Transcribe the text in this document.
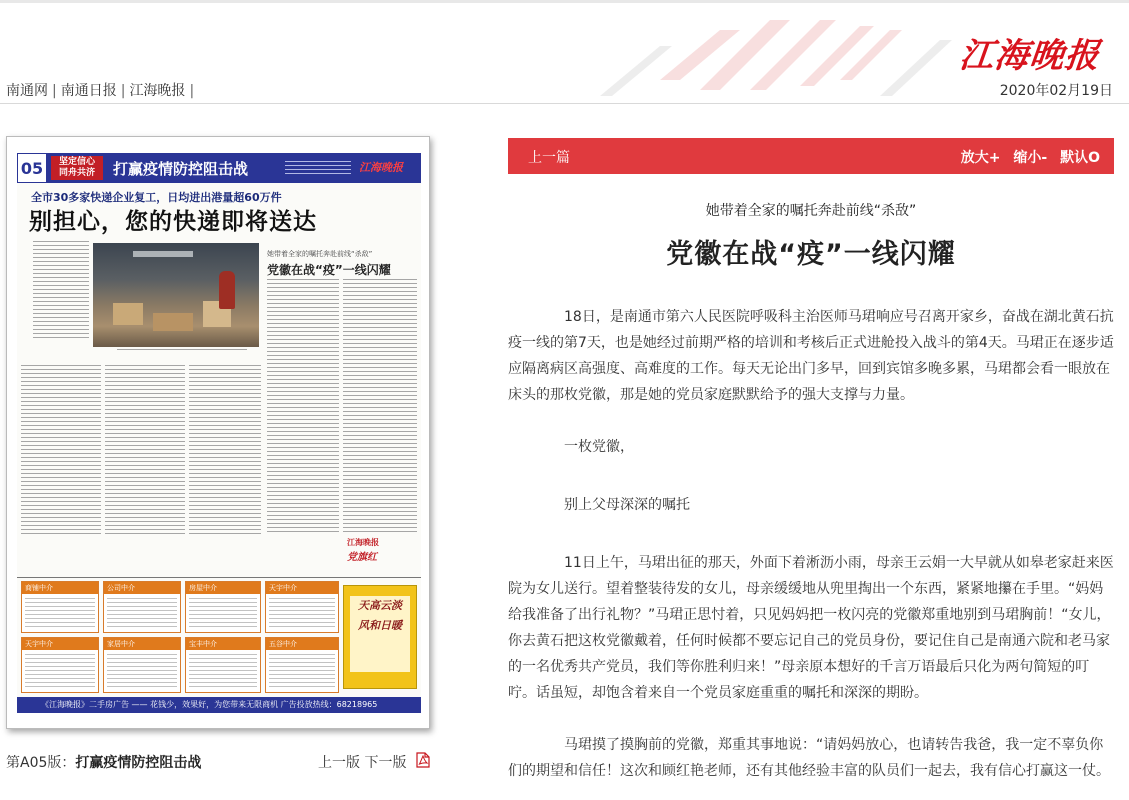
南通网 | 南通日报 | 江海晚报 |
江海晚报
2020年02月19日
05	坚定信心
同舟共济	打赢疫情防控阻击战	江海晚报
全市30多家快递企业复工，日均进出港量超60万件
别担心，您的快递即将送达
她带着全家的嘱托奔赴前线“杀敌”
党徽在战“疫”一线闪耀
江海晚报
党旗红
商铺中介	公司中介	房屋中介	天宇中介
天宇中介	家居中介	宝丰中介	五谷中介
天高云淡
风和日暖
《江海晚报》二手房广告 —— 花钱少，效果好，为您带来无限商机 广告投放热线：68218965
第A05版：打赢疫情防控阻击战	上一版 下一版
上一篇	放大+ 缩小- 默认O
她带着全家的嘱托奔赴前线“杀敌”
党徽在战“疫”一线闪耀

18日，是南通市第六人民医院呼吸科主治医师马珺响应号召离开家乡，奋战在湖北黄石抗疫一线的第7天，也是她经过前期严格的培训和考核后正式进舱投入战斗的第4天。马珺正在逐步适应隔离病区高强度、高难度的工作。每天无论出门多早，回到宾馆多晚多累，马珺都会看一眼放在床头的那枚党徽，那是她的党员家庭默默给予的强大支撑与力量。

一枚党徽，

别上父母深深的嘱托

11日上午，马珺出征的那天，外面下着淅沥小雨，母亲王云娟一大早就从如皋老家赶来医院为女儿送行。望着整装待发的女儿，母亲缓缓地从兜里掏出一个东西，紧紧地攥在手里。“妈妈给我准备了出行礼物？”马珺正思忖着，只见妈妈把一枚闪亮的党徽郑重地别到马珺胸前！“女儿，你去黄石把这枚党徽戴着，任何时候都不要忘记自己的党员身份，要记住自己是南通六院和老马家的一名优秀共产党员，我们等你胜利归来！”母亲原本想好的千言万语最后只化为两句简短的叮咛。话虽短，却饱含着来自一个党员家庭重重的嘱托和深深的期盼。

马珺摸了摸胸前的党徽，郑重其事地说：“请妈妈放心，也请转告我爸，我一定不辜负你们的期望和信任！这次和顾红艳老师，还有其他经验丰富的队员们一起去，我有信心打赢这一仗。
